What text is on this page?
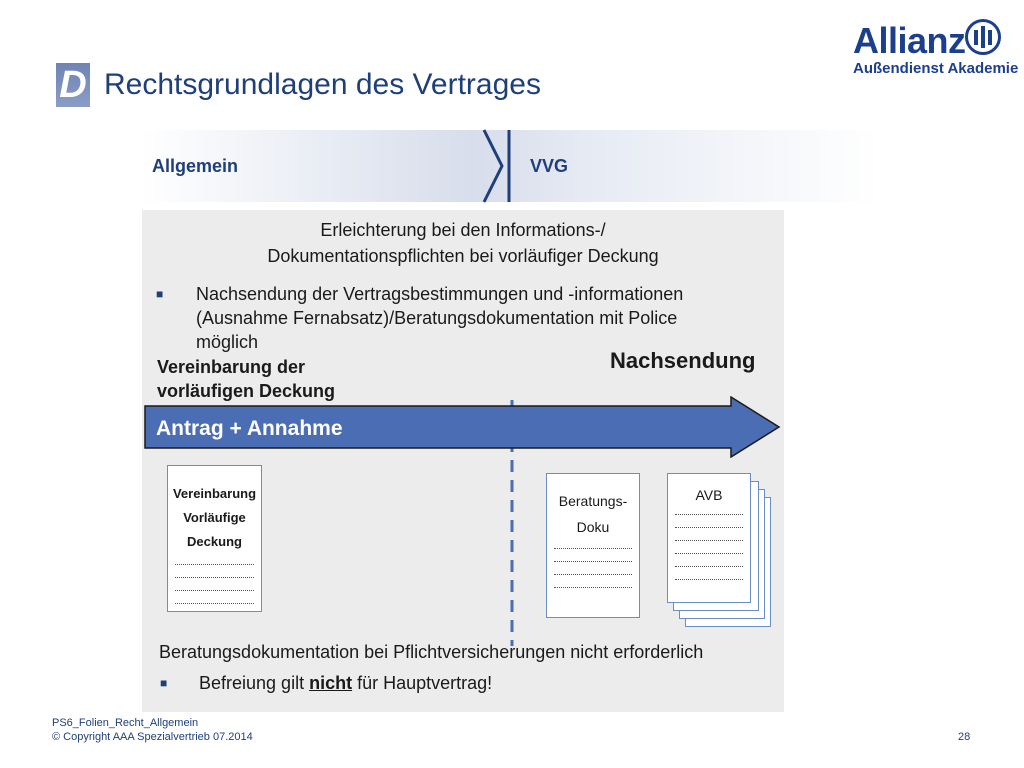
D Rechtsgrundlagen des Vertrages
Allianz
Außendienst Akademie
Allgemein	VVG
Erleichterung bei den Informations-/
Dokumentationspflichten bei vorläufiger Deckung
■ Nachsendung der Vertragsbestimmungen und -informationen
(Ausnahme Fernabsatz)/Beratungsdokumentation mit Police
möglich
Vereinbarung der
vorläufigen Deckung
Nachsendung
Antrag + Annahme
Vereinbarung
Vorläufige
Deckung
Beratungs-
Doku
AVB
Beratungsdokumentation bei Pflichtversicherungen nicht erforderlich
■ Befreiung gilt nicht für Hauptvertrag!
PS6_Folien_Recht_Allgemein
© Copyright AAA Spezialvertrieb 07.2014	28
